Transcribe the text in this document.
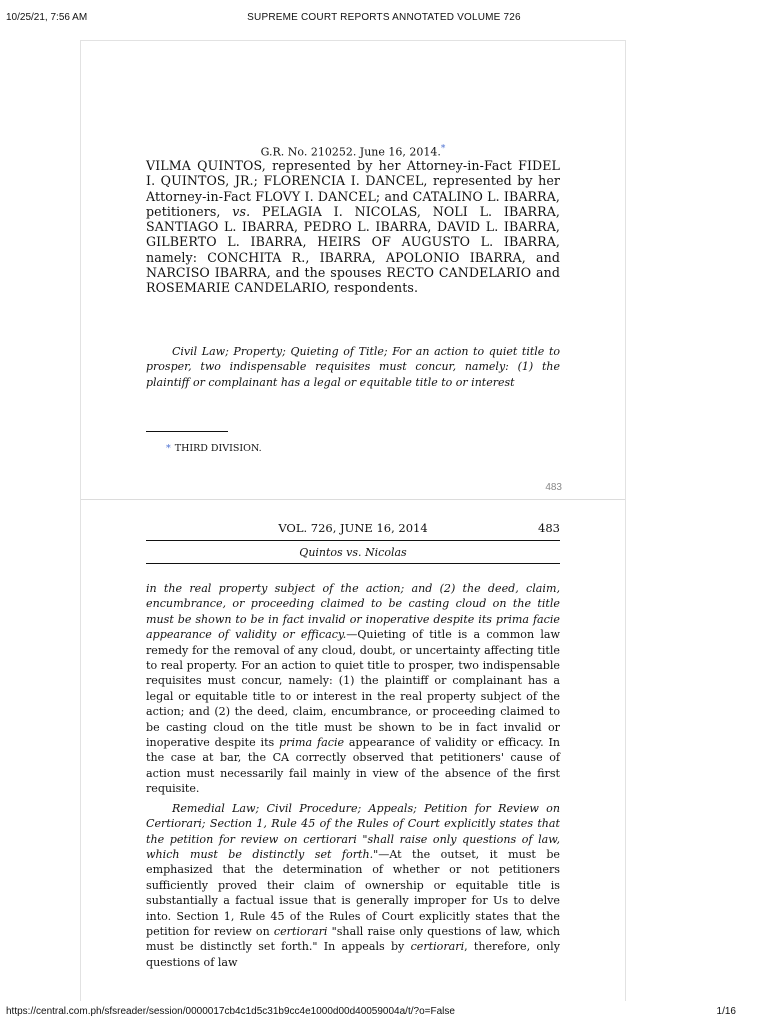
10/25/21, 7:56 AM	SUPREME COURT REPORTS ANNOTATED VOLUME 726
G.R. No. 210252. June 16, 2014.*
VILMA QUINTOS, represented by her Attorney-in-Fact FIDEL I. QUINTOS, JR.; FLORENCIA I. DANCEL, represented by her Attorney-in-Fact FLOVY I. DANCEL; and CATALINO L. IBARRA, petitioners, vs. PELAGIA I. NICOLAS, NOLI L. IBARRA, SANTIAGO L. IBARRA, PEDRO L. IBARRA, DAVID L. IBARRA, GILBERTO L. IBARRA, HEIRS OF AUGUSTO L. IBARRA, namely: CONCHITA R., IBARRA, APOLONIO IBARRA, and NARCISO IBARRA, and the spouses RECTO CANDELARIO and ROSEMARIE CANDELARIO, respondents.
Civil Law; Property; Quieting of Title; For an action to quiet title to prosper, two indispensable requisites must concur, namely: (1) the plaintiff or complainant has a legal or equitable title to or interest
* THIRD DIVISION.
483
VOL. 726, JUNE 16, 2014	483
Quintos vs. Nicolas

in the real property subject of the action; and (2) the deed, claim, encumbrance, or proceeding claimed to be casting cloud on the title must be shown to be in fact invalid or inoperative despite its prima facie appearance of validity or efficacy.—Quieting of title is a common law remedy for the removal of any cloud, doubt, or uncertainty affecting title to real property. For an action to quiet title to prosper, two indispensable requisites must concur, namely: (1) the plaintiff or complainant has a legal or equitable title to or interest in the real property subject of the action; and (2) the deed, claim, encumbrance, or proceeding claimed to be casting cloud on the title must be shown to be in fact invalid or inoperative despite its prima facie appearance of validity or efficacy. In the case at bar, the CA correctly observed that petitioners' cause of action must necessarily fail mainly in view of the absence of the first requisite.

Remedial Law; Civil Procedure; Appeals; Petition for Review on Certiorari; Section 1, Rule 45 of the Rules of Court explicitly states that the petition for review on certiorari "shall raise only questions of law, which must be distinctly set forth."—At the outset, it must be emphasized that the determination of whether or not petitioners sufficiently proved their claim of ownership or equitable title is substantially a factual issue that is generally improper for Us to delve into. Section 1, Rule 45 of the Rules of Court explicitly states that the petition for review on certiorari "shall raise only questions of law, which must be distinctly set forth." In appeals by certiorari, therefore, only questions of law

https://central.com.ph/sfsreader/session/0000017cb4c1d5c31b9cc4e1000d00d40059004a/t/?o=False	1/16
